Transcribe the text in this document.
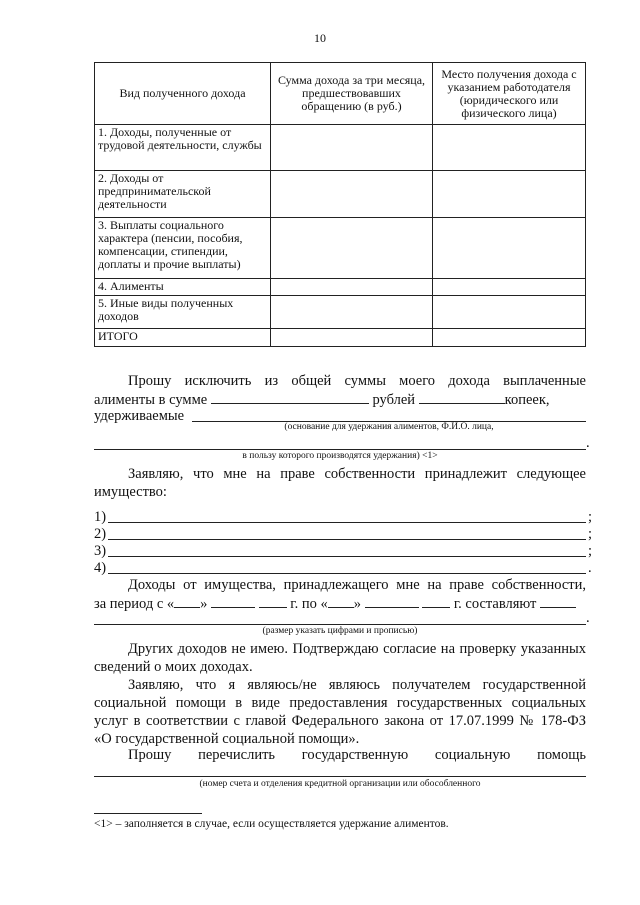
10
Вид полученного дохода	Сумма дохода за три месяца, предшествовавших обращению (в руб.)	Место получения дохода с указанием работодателя (юридического или физического лица)
1. Доходы, полученные от трудовой деятельности, службы		
2. Доходы от предпринимательской деятельности		
3. Выплаты социального характера (пенсии, пособия, компенсации, стипендии, доплаты и прочие выплаты)		
4. Алименты		
5. Иные виды полученных доходов		
ИТОГО		
Прошу исключить из общей суммы моего дохода выплаченные
алименты в сумме	рублей	копеек,
удерживаемые
(основание для удержания алиментов, Ф.И.О. лица,
.
в пользу которого производятся удержания) <1>
Заявляю, что мне на праве собственности принадлежит следующее
имущество:
1)	;
2)	;
3)	;
4)	.
Доходы от имущества, принадлежащего мне на праве собственности,
за период с « »	г. по « »	г. составляют
.
(размер указать цифрами и прописью)
Других доходов не имею. Подтверждаю согласие на проверку указанных
сведений о моих доходах.
Заявляю, что я являюсь/не являюсь получателем государственной
социальной помощи в виде предоставления государственных социальных
услуг в соответствии с главой Федерального закона от 17.07.1999 № 178-ФЗ
«О государственной социальной помощи».
Прошу перечислить государственную социальную помощь
(номер счета и отделения кредитной организации или обособленного
<1> – заполняется в случае, если осуществляется удержание алиментов.
